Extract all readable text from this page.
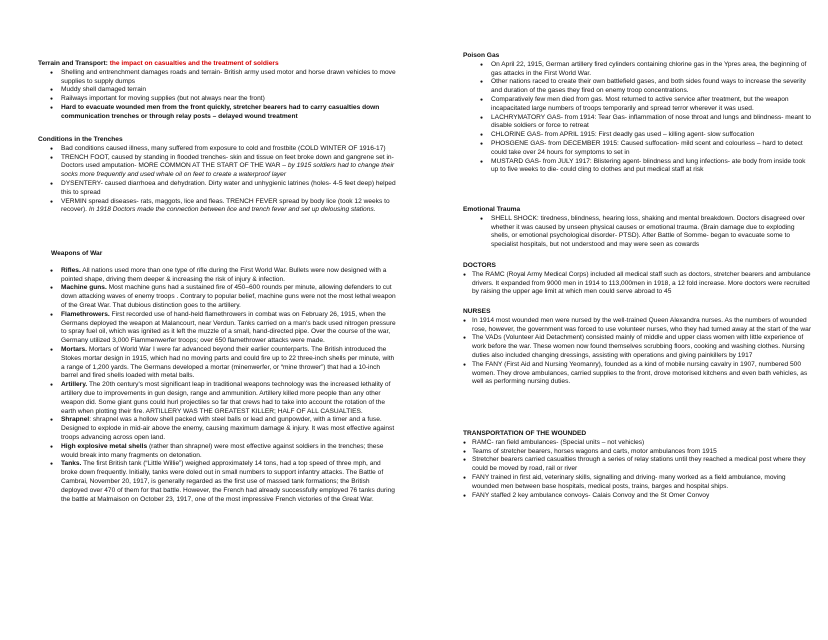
Terrain and Transport: the impact on casualties and the treatment of soldiers
● Shelling and entrenchment damages roads and terrain- British army used motor and horse drawn vehicles to move supplies to supply dumps
● Muddy shell damaged terrain
● Railways important for moving supplies (but not always near the front)
● Hard to evacuate wounded men from the front quickly, stretcher bearers had to carry casualties down communication trenches or through relay posts – delayed wound treatment
Conditions in the Trenches
● Bad conditions caused illness, many suffered from exposure to cold and frostbite (COLD WINTER OF 1916-17)
● TRENCH FOOT, caused by standing in flooded trenches- skin and tissue on feet broke down and gangrene set in- Doctors used amputation- MORE COMMON AT THE START OF THE WAR – by 1915 soldiers had to change their socks more frequently and used whale oil on feet to create a waterproof layer
● DYSENTERY- caused diarrhoea and dehydration. Dirty water and unhygienic latrines (holes- 4-5 feet deep) helped this to spread
● VERMIN spread diseases- rats, maggots, lice and fleas. TRENCH FEVER spread by body lice (took 12 weeks to recover). In 1918 Doctors made the connection between lice and trench fever and set up delousing stations.
Weapons of War
● Rifles. All nations used more than one type of rifle during the First World War. Bullets were now designed with a pointed shape, driving them deeper & increasing the risk of injury & infection.
● Machine guns. Most machine guns had a sustained fire of 450–600 rounds per minute, allowing defenders to cut down attacking waves of enemy troops . Contrary to popular belief, machine guns were not the most lethal weapon of the Great War. That dubious distinction goes to the artillery.
● Flamethrowers. First recorded use of hand-held flamethrowers in combat was on February 26, 1915, when the Germans deployed the weapon at Malancourt, near Verdun. Tanks carried on a man's back used nitrogen pressure to spray fuel oil, which was ignited as it left the muzzle of a small, hand-directed pipe. Over the course of the war, Germany utilized 3,000 Flammenwerfer troops; over 650 flamethrower attacks were made.
● Mortars. Mortars of World War I were far advanced beyond their earlier counterparts. The British introduced the Stokes mortar design in 1915, which had no moving parts and could fire up to 22 three-inch shells per minute, with a range of 1,200 yards. The Germans developed a mortar (minenwerfer, or “mine thrower”) that had a 10-inch barrel and fired shells loaded with metal balls.
● Artillery. The 20th century's most significant leap in traditional weapons technology was the increased lethality of artillery due to improvements in gun design, range and ammunition. Artillery killed more people than any other weapon did. Some giant guns could hurl projectiles so far that crews had to take into account the rotation of the earth when plotting their fire. ARTILLERY WAS THE GREATEST KILLER; HALF OF ALL CASUALTIES.
● Shrapnel: shrapnel was a hollow shell packed with steel balls or lead and gunpowder, with a timer and a fuse. Designed to explode in mid-air above the enemy, causing maximum damage & injury. It was most effective against troops advancing across open land.
● High explosive metal shells (rather than shrapnel) were most effective against soldiers in the trenches; these would break into many fragments on detonation.
● Tanks. The first British tank (“Little Willie”) weighed approximately 14 tons, had a top speed of three mph, and broke down frequently. Initially, tanks were doled out in small numbers to support infantry attacks. The Battle of Cambrai, November 20, 1917, is generally regarded as the first use of massed tank formations; the British deployed over 470 of them for that battle. However, the French had already successfully employed 76 tanks during the battle at Malmaison on October 23, 1917, one of the most impressive French victories of the Great War.
Poison Gas
● On April 22, 1915, German artillery fired cylinders containing chlorine gas in the Ypres area, the beginning of gas attacks in the First World War.
● Other nations raced to create their own battlefield gases, and both sides found ways to increase the severity and duration of the gases they fired on enemy troop concentrations.
● Comparatively few men died from gas. Most returned to active service after treatment, but the weapon incapacitated large numbers of troops temporarily and spread terror wherever it was used.
● LACHRYMATORY GAS- from 1914: Tear Gas- inflammation of nose throat and lungs and blindness- meant to disable soldiers or force to retreat
● CHLORINE GAS- from APRIL 1915: First deadly gas used – killing agent- slow suffocation
● PHOSGENE GAS- from DECEMBER 1915: Caused suffocation- mild scent and colourless – hard to detect could take over 24 hours for symptoms to set in
● MUSTARD GAS- from JULY 1917: Blistering agent- blindness and lung infections- ate body from inside took up to five weeks to die- could cling to clothes and put medical staff at risk
Emotional Trauma
● SHELL SHOCK: tiredness, blindness, hearing loss, shaking and mental breakdown. Doctors disagreed over whether it was caused by unseen physical causes or emotional trauma. (Brain damage due to exploding shells, or emotional psychological disorder- PTSD). After Battle of Somme- began to evacuate some to specialist hospitals, but not understood and may were seen as cowards
DOCTORS
● The RAMC (Royal Army Medical Corps) included all medical staff such as doctors, stretcher bearers and ambulance drivers. It expanded from 9000 men in 1914 to 113,000men in 1918, a 12 fold increase. More doctors were recruited by raising the upper age limit at which men could serve abroad to 45
NURSES
● In 1914 most wounded men were nursed by the well-trained Queen Alexandra nurses. As the numbers of wounded rose, however, the government was forced to use volunteer nurses, who they had turned away at the start of the war
● The VADs (Volunteer Aid Detachment) consisted mainly of middle and upper class women with little experience of work before the war. These women now found themselves scrubbing floors, cooking and washing clothes. Nursing duties also included changing dressings, assisting with operations and giving painkillers by 1917
● The FANY (First Aid and Nursing Yeomanry), founded as a kind of mobile nursing cavalry in 1907, numbered 500 women. They drove ambulances, carried supplies to the front, drove motorised kitchens and even bath vehicles, as well as performing nursing duties.
TRANSPORTATION OF THE WOUNDED
● RAMC- ran field ambulances- (Special units – not vehicles)
● Teams of stretcher bearers, horses wagons and carts, motor ambulances from 1915
● Stretcher bearers carried casualties through a series of relay stations until they reached a medical post where they could be moved by road, rail or river
● FANY trained in first aid, veterinary skills, signalling and driving- many worked as a field ambulance, moving wounded men between base hospitals, medical posts, trains, barges and hospital ships.
● FANY staffed 2 key ambulance convoys- Calais Convoy and the St Omer Convoy
